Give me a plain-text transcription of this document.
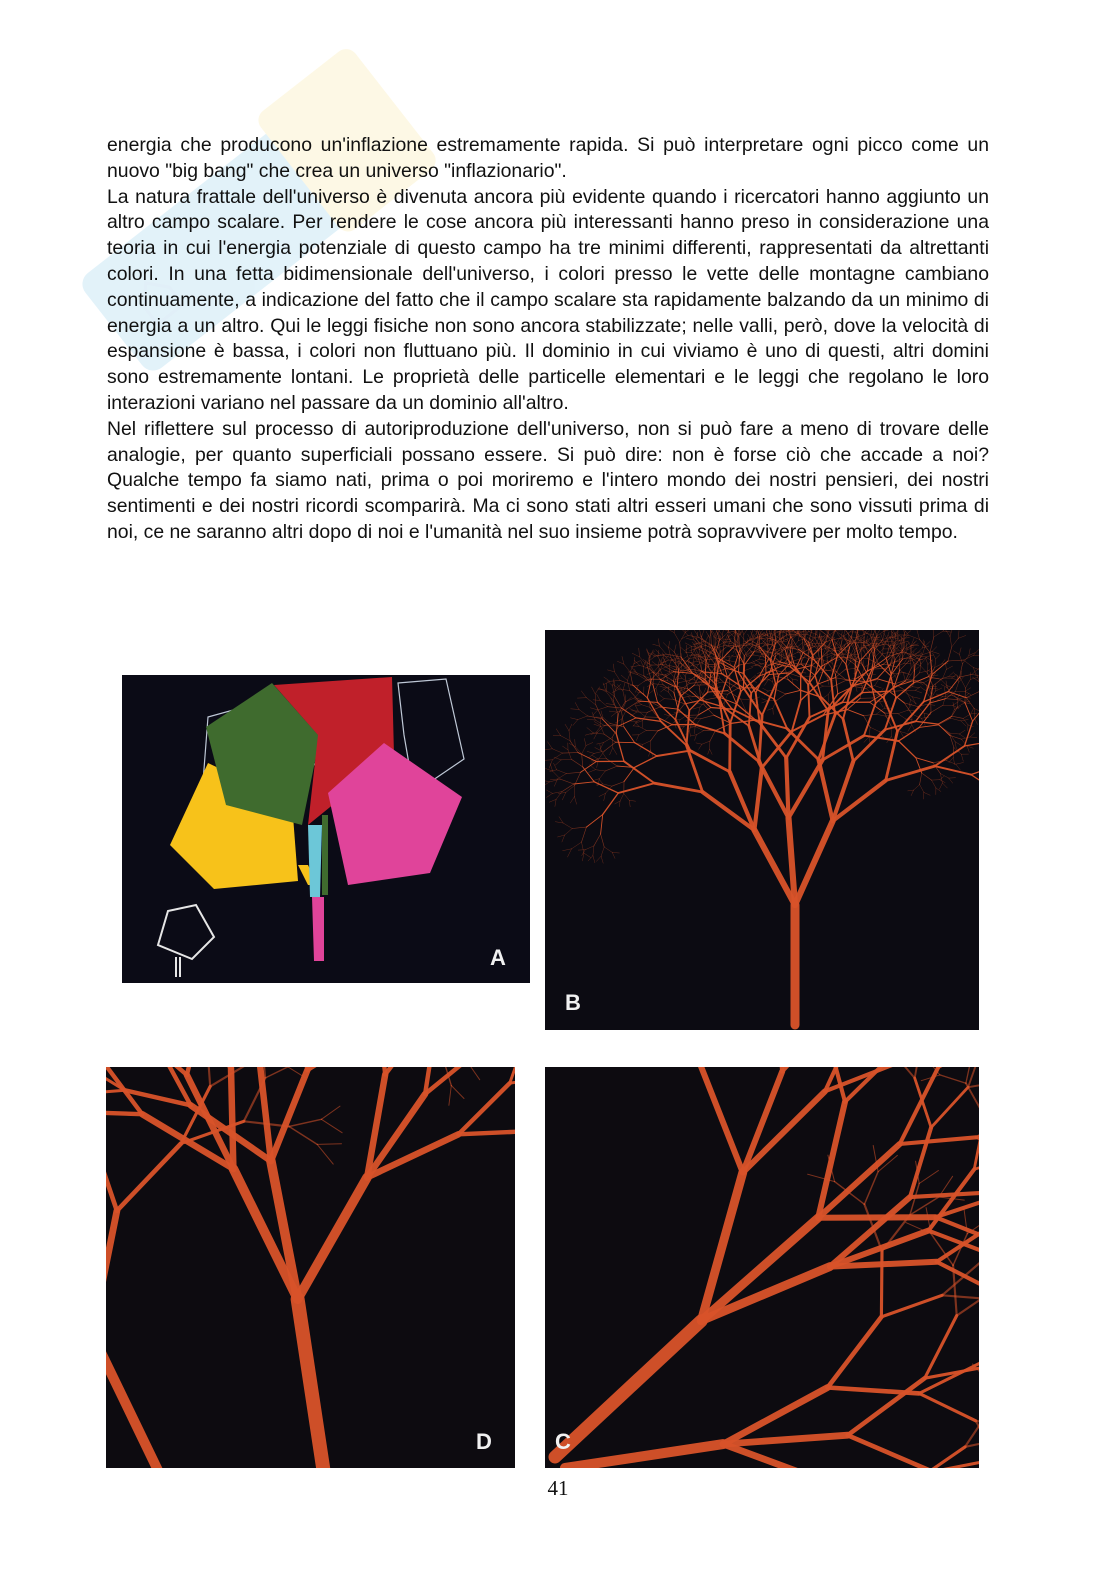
⌂

energia che producono un'inflazione estremamente rapida. Si può interpretare ogni picco come un nuovo "big bang" che crea un universo "inflazionario".

La natura frattale dell'universo è divenuta ancora più evidente quando i ricercatori hanno aggiunto un altro campo scalare. Per rendere le cose ancora più interessanti hanno preso in considerazione una teoria in cui l'energia potenziale di questo campo ha tre minimi differenti, rappresentati da altrettanti colori. In una fetta bidimensionale dell'universo, i colori presso le vette delle montagne cambiano continuamente, a indicazione del fatto che il campo scalare sta rapidamente balzando da un minimo di energia a un altro. Qui le leggi fisiche non sono ancora stabilizzate; nelle valli, però, dove la velocità di espansione è bassa, i colori non fluttuano più. Il dominio in cui viviamo è uno di questi, altri domini sono estremamente lontani. Le proprietà delle particelle elementari e le leggi che regolano le loro interazioni variano nel passare da un dominio all'altro.

Nel riflettere sul processo di autoriproduzione dell'universo, non si può fare a meno di trovare delle analogie, per quanto superficiali possano essere. Si può dire: non è forse ciò che accade a noi? Qualche tempo fa siamo nati, prima o poi moriremo e l'intero mondo dei nostri pensieri, dei nostri sentimenti e dei nostri ricordi scomparirà. Ma ci sono stati altri esseri umani che sono vissuti prima di noi, ce ne saranno altri dopo di noi e l'umanità nel suo insieme potrà sopravvivere per molto tempo.

A
B
D	C
41
